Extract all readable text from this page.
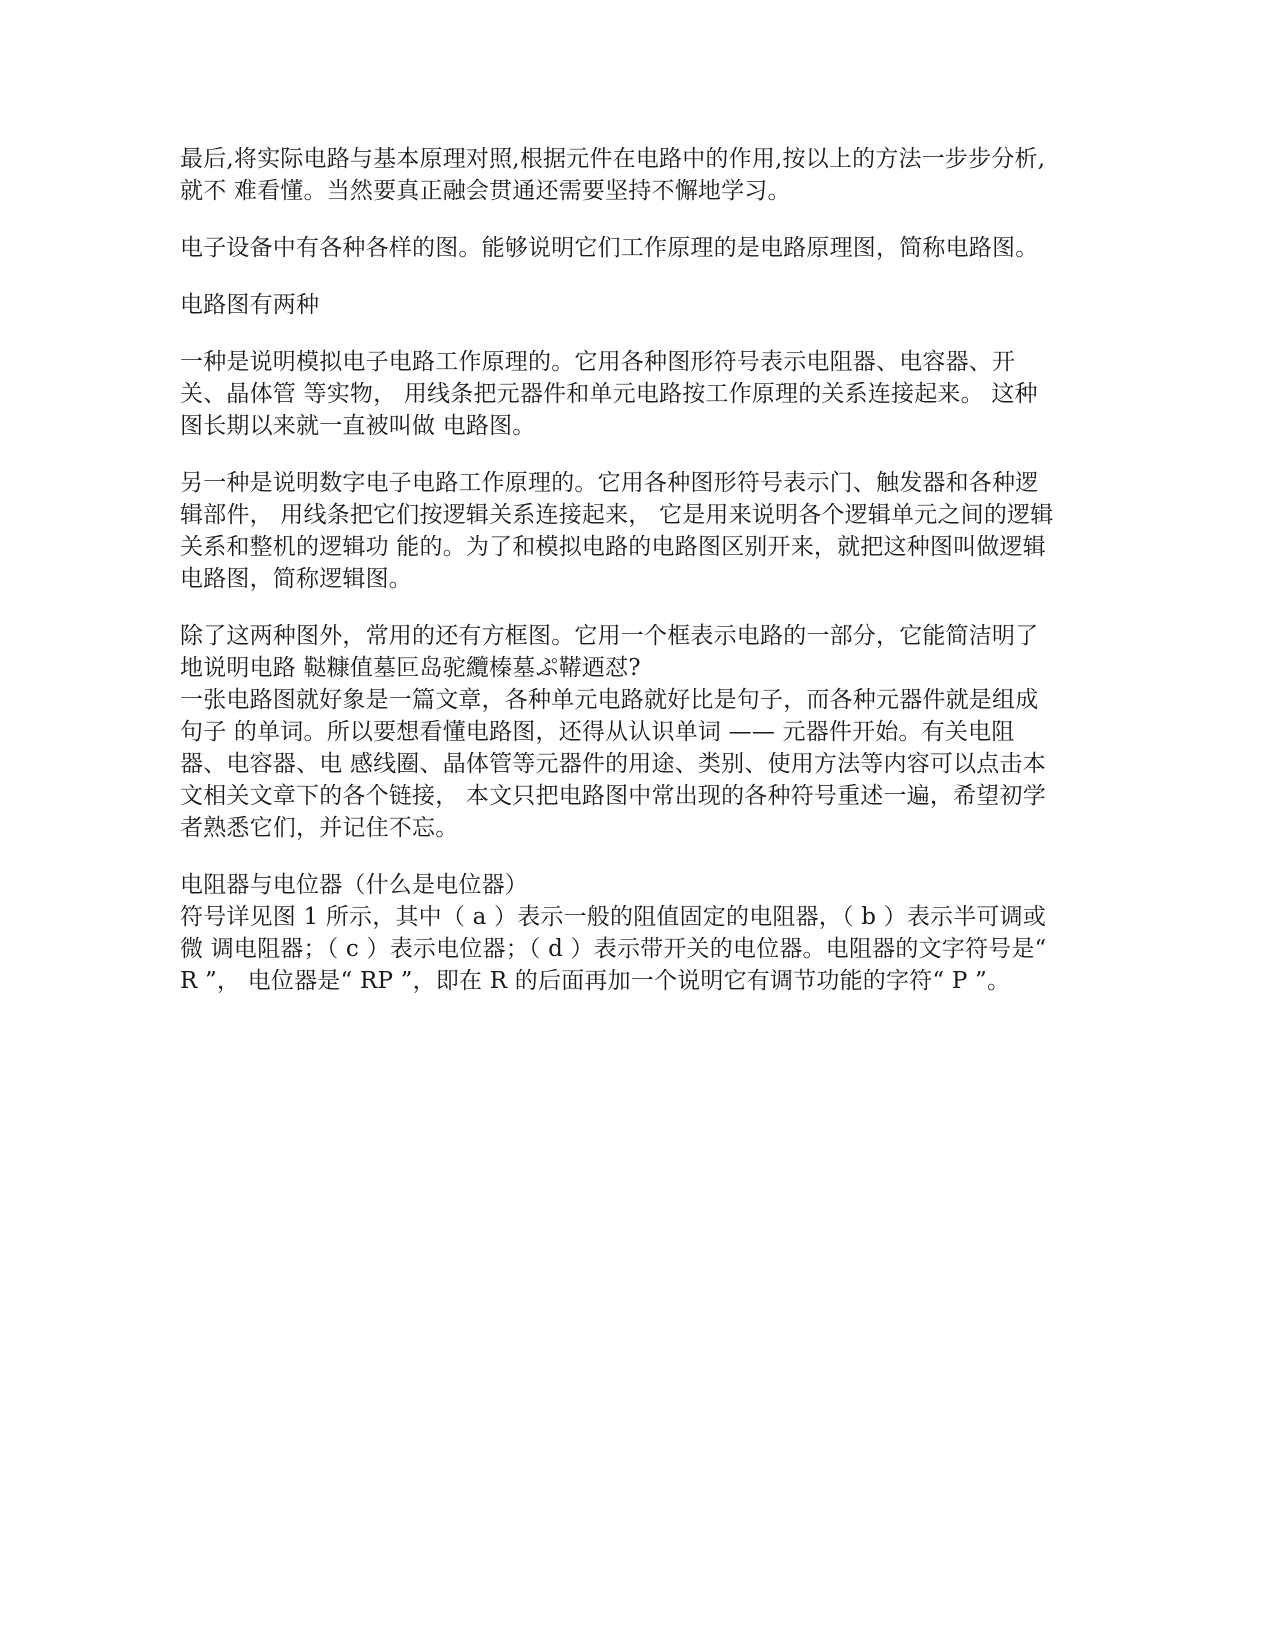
最后,将实际电路与基本原理对照,根据元件在电路中的作用,按以上的方法一步步分析,就不 难看懂。当然要真正融会贯通还需要坚持不懈地学习。

电子设备中有各种各样的图。能够说明它们工作原理的是电路原理图，简称电路图。

电路图有两种

一种是说明模拟电子电路工作原理的。它用各种图形符号表示电阻器、电容器、开关、晶体管 等实物， 用线条把元器件和单元电路按工作原理的关系连接起来。 这种图长期以来就一直被叫做 电路图。

另一种是说明数字电子电路工作原理的。它用各种图形符号表示门、触发器和各种逻辑部件， 用线条把它们按逻辑关系连接起来， 它是用来说明各个逻辑单元之间的逻辑关系和整机的逻辑功 能的。为了和模拟电路的电路图区别开来，就把这种图叫做逻辑电路图，简称逻辑图。

除了这两种图外，常用的还有方框图。它用一个框表示电路的一部分，它能简洁明了地说明电路 鞑糠值墓叵岛驼纜榛墓ぷ鞯迺怼?

一张电路图就好象是一篇文章，各种单元电路就好比是句子，而各种元器件就是组成句子 的单词。所以要想看懂电路图，还得从认识单词 —— 元器件开始。有关电阻器、电容器、电 感线圈、晶体管等元器件的用途、类别、使用方法等内容可以点击本文相关文章下的各个链接， 本文只把电路图中常出现的各种符号重述一遍，希望初学者熟悉它们，并记住不忘。

电阻器与电位器（什么是电位器）

符号详见图 1 所示，其中（ a ）表示一般的阻值固定的电阻器，（ b ）表示半可调或微 调电阻器；（ c ）表示电位器；（ d ）表示带开关的电位器。电阻器的文字符号是“ R ”， 电位器是“ RP ”，即在 R 的后面再加一个说明它有调节功能的字符“ P ”。
